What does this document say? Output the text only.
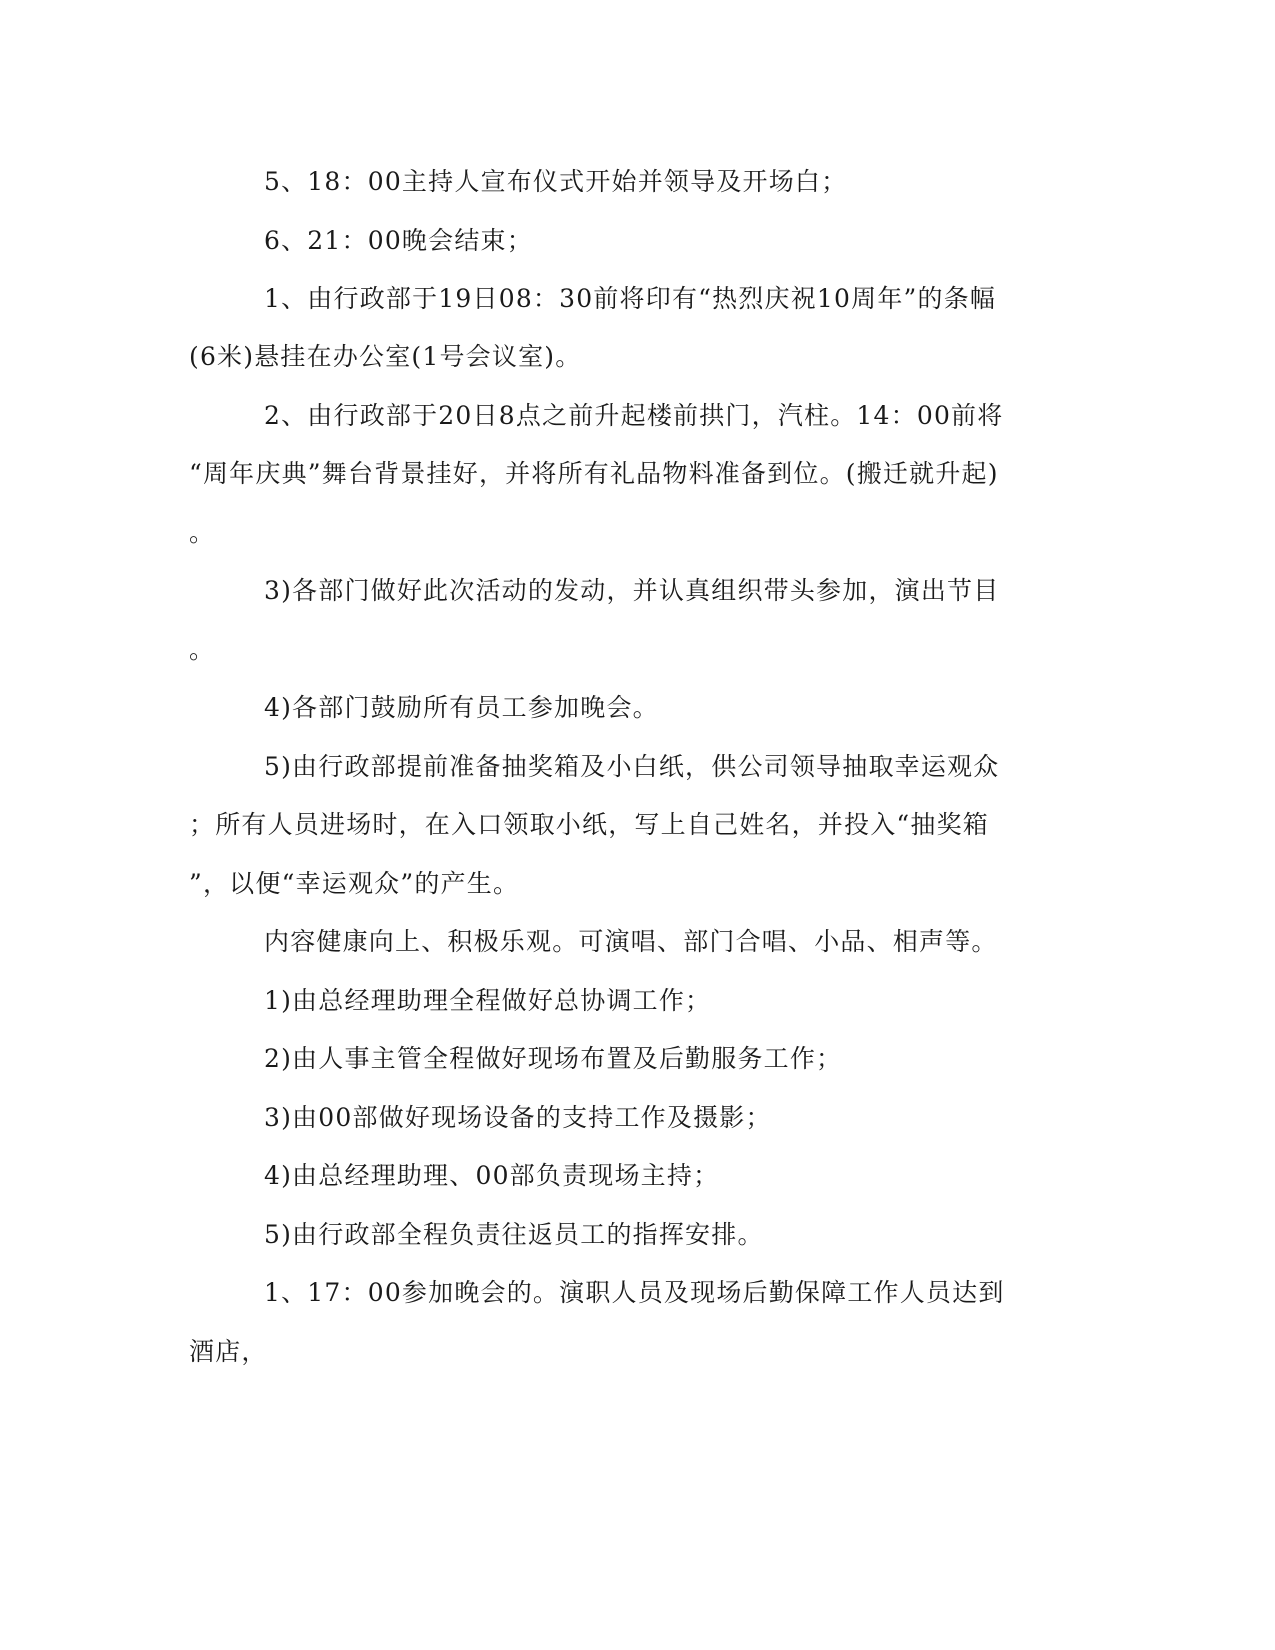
5、18：00主持人宣布仪式开始并领导及开场白；
6、21：00晚会结束；
1、由行政部于19日08：30前将印有“热烈庆祝10周年”的条幅
(6米)悬挂在办公室(1号会议室)。
2、由行政部于20日8点之前升起楼前拱门，汽柱。14：00前将
“周年庆典”舞台背景挂好，并将所有礼品物料准备到位。(搬迁就升起)
。
3)各部门做好此次活动的发动，并认真组织带头参加，演出节目
。
4)各部门鼓励所有员工参加晚会。
5)由行政部提前准备抽奖箱及小白纸，供公司领导抽取幸运观众
；所有人员进场时，在入口领取小纸，写上自己姓名，并投入“抽奖箱
”，以便“幸运观众”的产生。
内容健康向上、积极乐观。可演唱、部门合唱、小品、相声等。
1)由总经理助理全程做好总协调工作；
2)由人事主管全程做好现场布置及后勤服务工作；
3)由00部做好现场设备的支持工作及摄影；
4)由总经理助理、00部负责现场主持；
5)由行政部全程负责往返员工的指挥安排。
1、17：00参加晚会的。演职人员及现场后勤保障工作人员达到
酒店，
